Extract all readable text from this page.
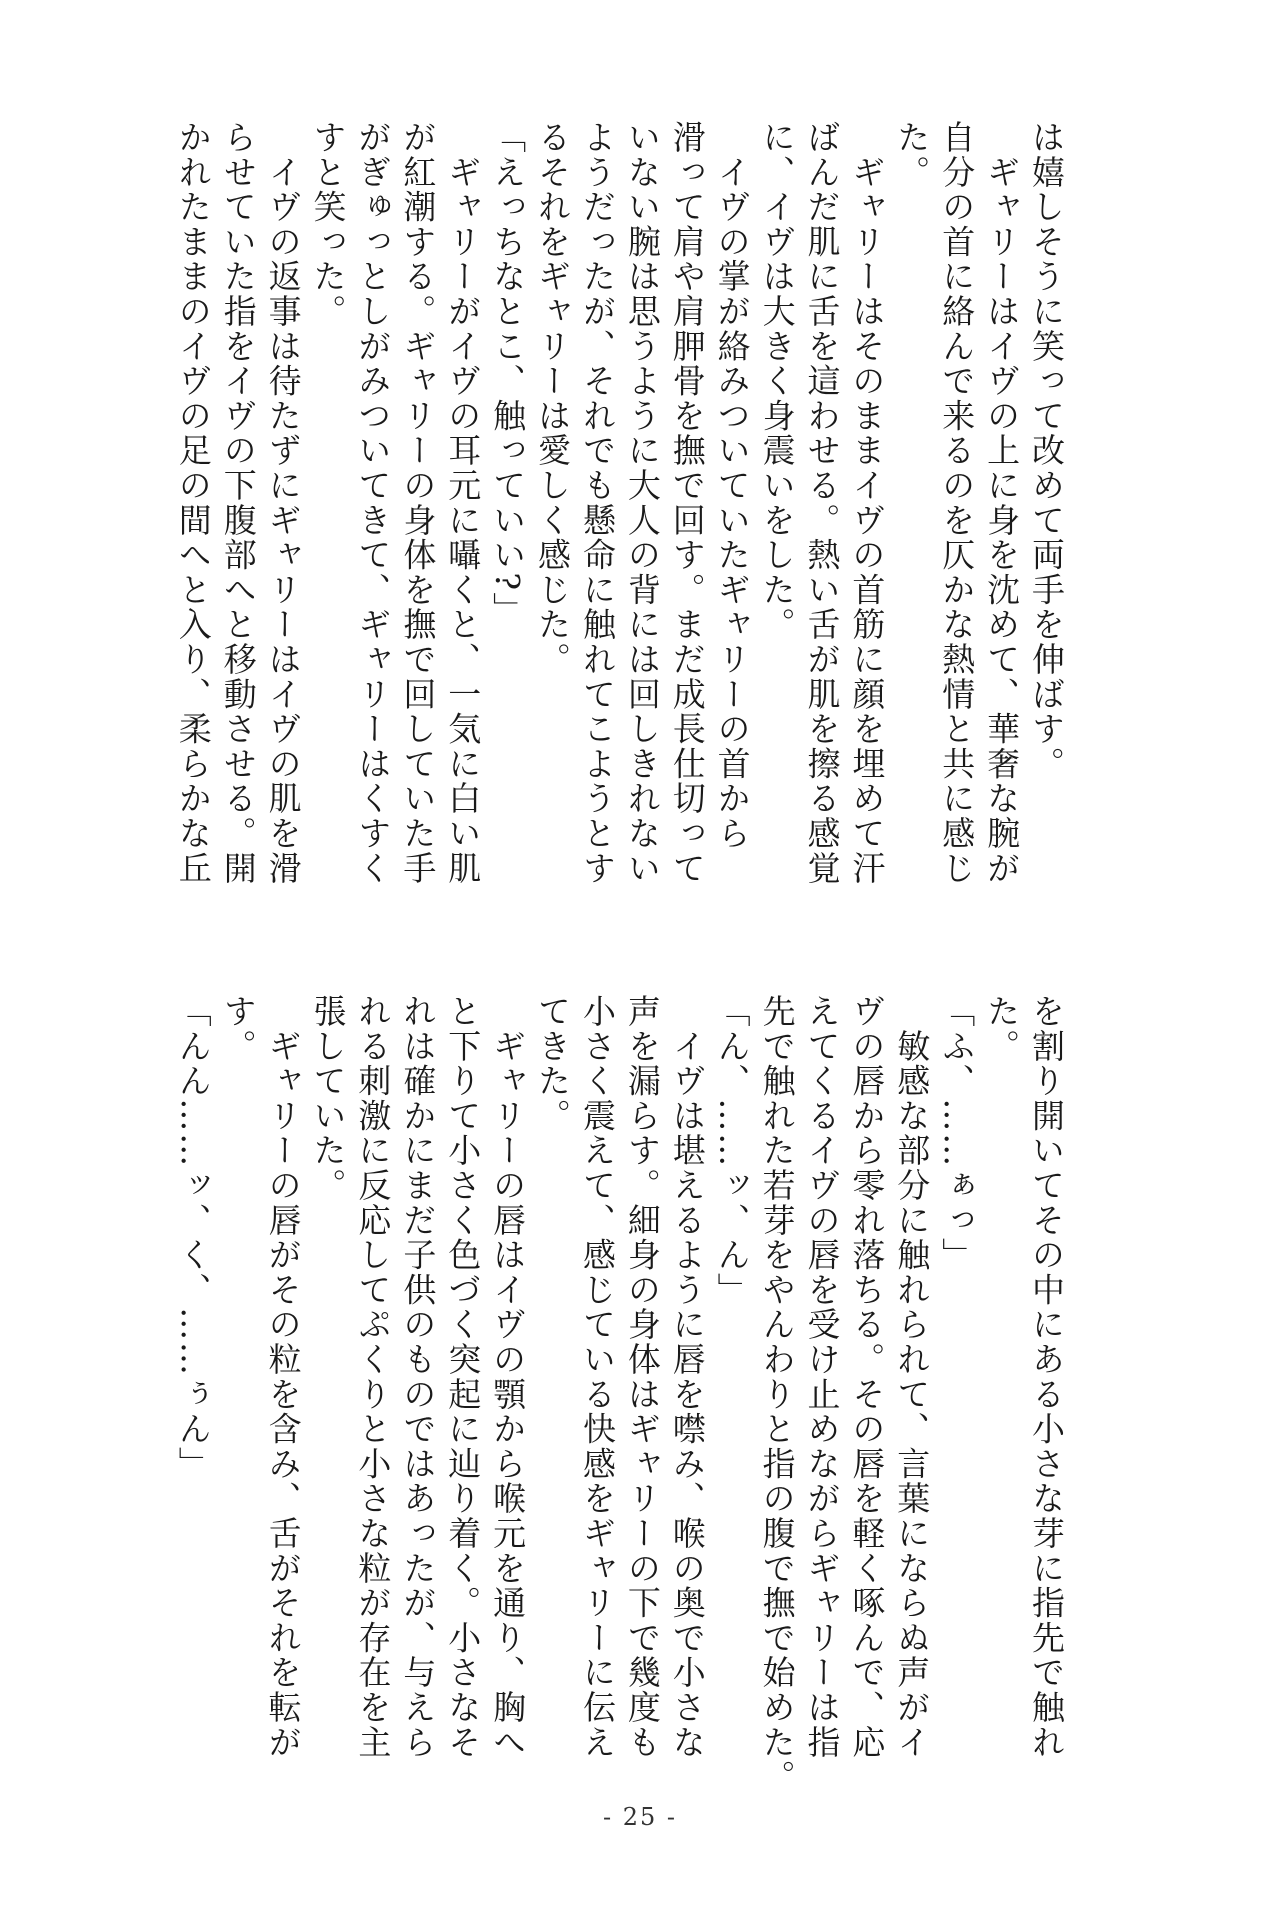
は嬉しそうに笑って改めて両手を伸ばす。
　ギャリーはイヴの上に身を沈めて、華奢な腕が
自分の首に絡んで来るのを仄かな熱情と共に感じ
た。
　ギャリーはそのままイヴの首筋に顔を埋めて汗
ばんだ肌に舌を這わせる。熱い舌が肌を擦る感覚
に、イヴは大きく身震いをした。
　イヴの掌が絡みついていたギャリーの首から
滑って肩や肩胛骨を撫で回す。まだ成長仕切って
いない腕は思うように大人の背には回しきれない
ようだったが、それでも懸命に触れてこようとす
るそれをギャリーは愛しく感じた。
「えっちなとこ、触っていい?」
　ギャリーがイヴの耳元に囁くと、一気に白い肌
が紅潮する。ギャリーの身体を撫で回していた手
がぎゅっとしがみついてきて、ギャリーはくすく
すと笑った。
　イヴの返事は待たずにギャリーはイヴの肌を滑
らせていた指をイヴの下腹部へと移動させる。開
かれたままのイヴの足の間へと入り、柔らかな丘
を割り開いてその中にある小さな芽に指先で触れ
た。
「ふ、……ぁっ」
　敏感な部分に触れられて、言葉にならぬ声がイ
ヴの唇から零れ落ちる。その唇を軽く啄んで、応
えてくるイヴの唇を受け止めながらギャリーは指
先で触れた若芽をやんわりと指の腹で撫で始めた。
「ん、……ッ、ん」
　イヴは堪えるように唇を噤み、喉の奥で小さな
声を漏らす。細身の身体はギャリーの下で幾度も
小さく震えて、感じている快感をギャリーに伝え
てきた。
　ギャリーの唇はイヴの顎から喉元を通り、胸へ
と下りて小さく色づく突起に辿り着く。小さなそ
れは確かにまだ子供のものではあったが、与えら
れる刺激に反応してぷくりと小さな粒が存在を主
張していた。
　ギャリーの唇がその粒を含み、舌がそれを転が
す。
「んん……ッ、く、……ぅん」
- 25 -
